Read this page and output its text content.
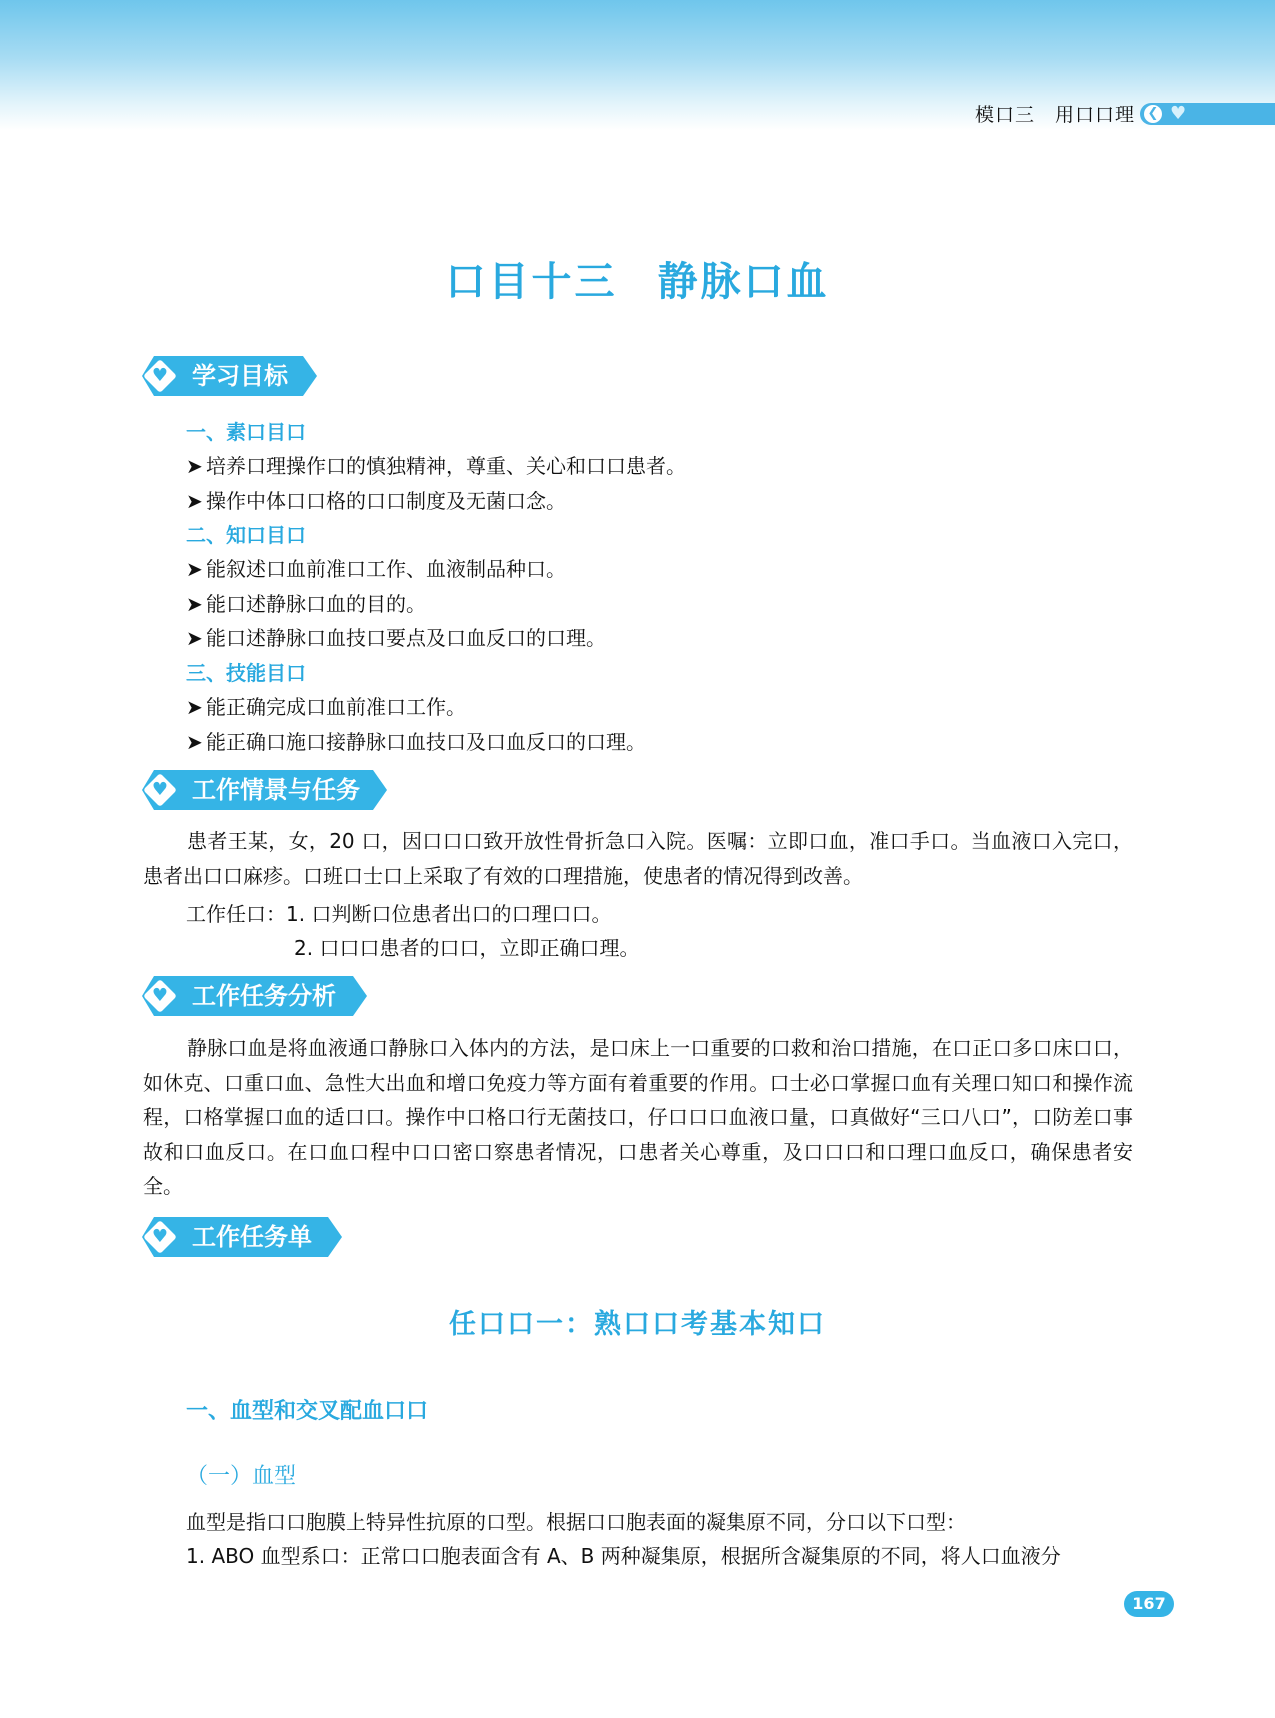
模口三　用口口理 ❮ ♥
口目十三 静脉口血
♥ 学习目标
一、素口目口
➤ 培养口理操作口的慎独精神，尊重、关心和口口患者。
➤ 操作中体口口格的口口制度及无菌口念。
二、知口目口
➤ 能叙述口血前准口工作、血液制品种口。
➤ 能口述静脉口血的目的。
➤ 能口述静脉口血技口要点及口血反口的口理。
三、技能目口
➤ 能正确完成口血前准口工作。
➤ 能正确口施口接静脉口血技口及口血反口的口理。
♥ 工作情景与任务

患者王某，女，20 口，因口口口致开放性骨折急口入院。医嘱：立即口血，准口手口。当血液口入完口，患者出口口麻疹。口班口士口上采取了有效的口理措施，使患者的情况得到改善。

工作任口：1. 口判断口位患者出口的口理口口。
2. 口口口患者的口口，立即正确口理。
♥ 工作任务分析

静脉口血是将血液通口静脉口入体内的方法，是口床上一口重要的口救和治口措施，在口正口多口床口口，如休克、口重口血、急性大出血和增口免疫力等方面有着重要的作用。口士必口掌握口血有关理口知口和操作流程，口格掌握口血的适口口。操作中口格口行无菌技口，仔口口口血液口量，口真做好“三口八口”，口防差口事故和口血反口。在口血口程中口口密口察患者情况，口患者关心尊重，及口口口和口理口血反口，确保患者安全。

♥ 工作任务单
任口口一：熟口口考基本知口
一、血型和交叉配血口口
（一）血型
血型是指口口胞膜上特异性抗原的口型。根据口口胞表面的凝集原不同，分口以下口型：
1. ABO 血型系口：正常口口胞表面含有 A、B 两种凝集原，根据所含凝集原的不同，将人口血液分
167
